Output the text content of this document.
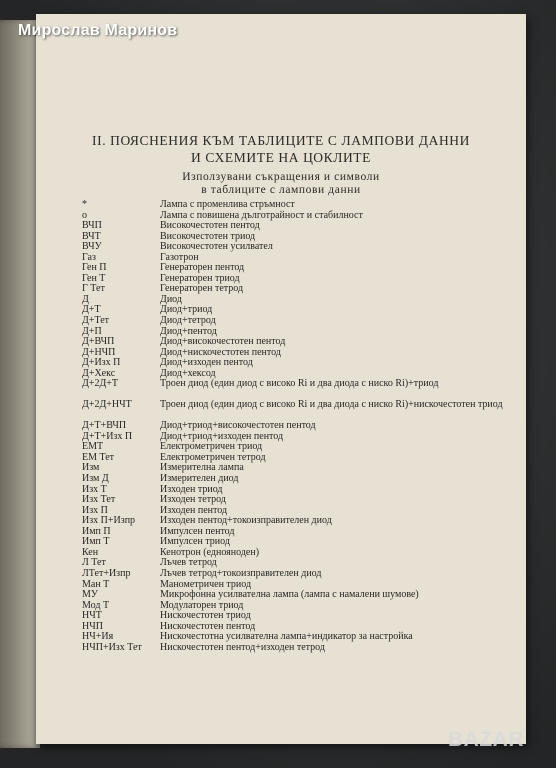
Мирослав Маринов
II. ПОЯСНЕНИЯ КЪМ ТАБЛИЦИТЕ С ЛАМПОВИ ДАННИ
И СХЕМИТЕ НА ЦОКЛИТЕ
Използувани съкращения и символи
в таблиците с лампови данни
*	Лампа с променлива стръмност
о	Лампа с повишена дълготрайност и стабилност
ВЧП	Високочестотен пентод
ВЧТ	Високочестотен триод
ВЧУ	Високочестотен усилвател
Газ	Газотрон
Ген П	Генераторен пентод
Ген Т	Генераторен триод
Г Тет	Генераторен тетрод
Д	Диод
Д+Т	Диод+триод
Д+Тет	Диод+тетрод
Д+П	Диод+пентод
Д+ВЧП	Диод+високочестотен пентод
Д+НЧП	Диод+нискочестотен пентод
Д+Изх П	Диод+изходен пентод
Д+Хекс	Диод+хексод
Д+2Д+Т	Троен диод (един диод с високо Ri и два диода с ниско Ri)+триод
Д+2Д+НЧТ	Троен диод (един диод с високо Ri и два диода с ниско Ri)+нискочестотен триод
Д+Т+ВЧП	Диод+триод+високочестотен пентод
Д+Т+Изх П	Диод+триод+изходен пентод
ЕМТ	Електрометричен триод
ЕМ Тет	Електрометричен тетрод
Изм	Измерителна лампа
Изм Д	Измерителен диод
Изх Т	Изходен триод
Изх Тет	Изходен тетрод
Изх П	Изходен пентод
Изх П+Изпр	Изходен пентод+токоизправителен диод
Имп П	Импулсен пентод
Имп Т	Импулсен триод
Кен	Кенотрон (еднояноден)
Л Тет	Лъчев тетрод
ЛТет+Изпр	Лъчев тетрод+токоизправителен диод
Ман Т	Манометричен триод
МУ	Микрофонна усилвателна лампа (лампа с намалени шумове)
Мод Т	Модулаторен триод
НЧТ	Нискочестотен триод
НЧП	Нискочестотен пентод
НЧ+Ия	Нискочестотна усилвателна лампа+индикатор за настройка
НЧП+Изх Тет	Нискочестотен пентод+изходен тетрод
BAZAR
